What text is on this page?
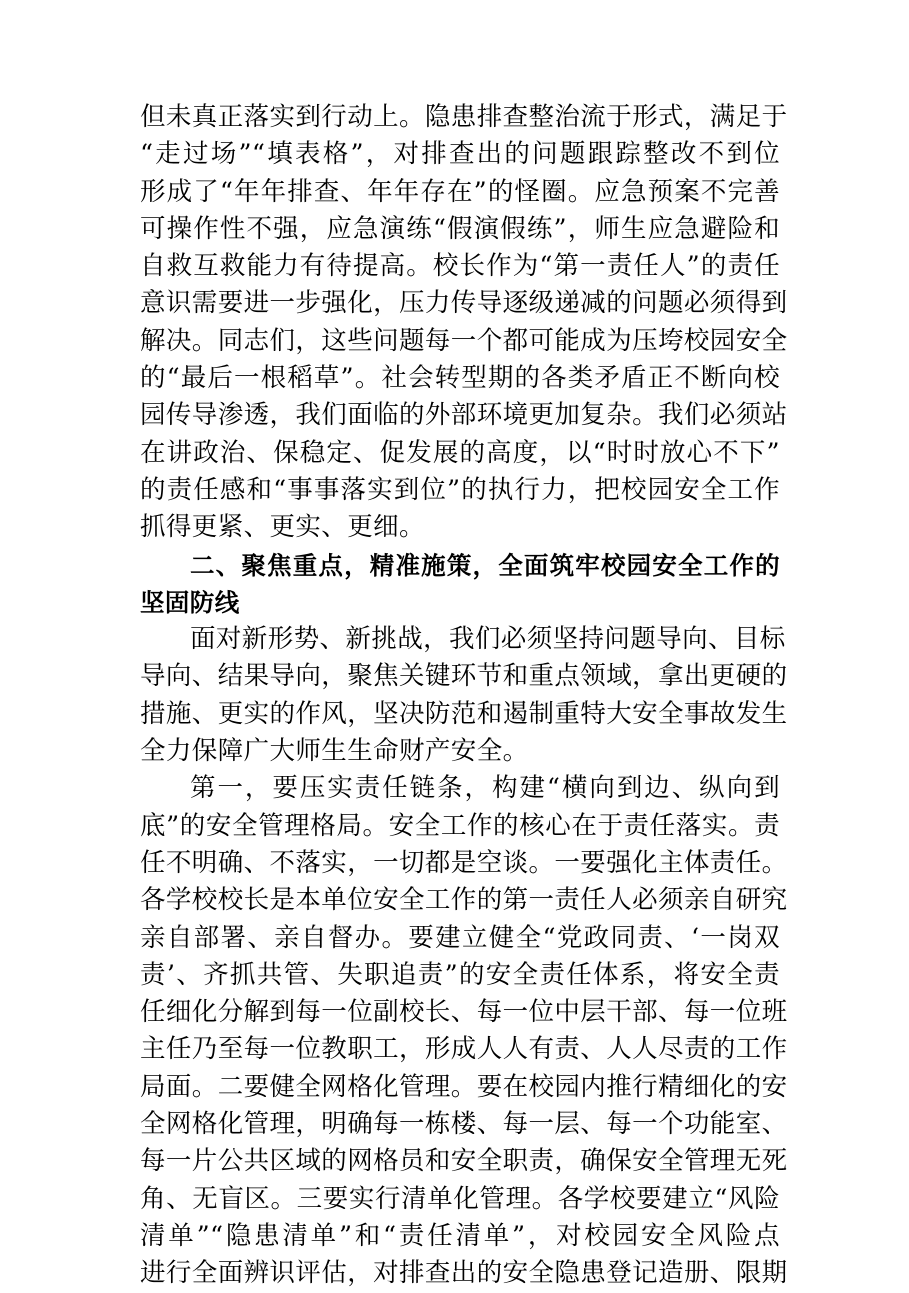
但未真正落实到行动上。隐患排查整治流于形式，满足于
“走过场”“填表格”，对排查出的问题跟踪整改不到位
形成了“年年排查、年年存在”的怪圈。应急预案不完善
可操作性不强，应急演练“假演假练”，师生应急避险和
自救互救能力有待提高。校长作为“第一责任人”的责任
意识需要进一步强化，压力传导逐级递减的问题必须得到
解决。同志们，这些问题每一个都可能成为压垮校园安全
的“最后一根稻草”。社会转型期的各类矛盾正不断向校
园传导渗透，我们面临的外部环境更加复杂。我们必须站
在讲政治、保稳定、促发展的高度，以“时时放心不下”
的责任感和“事事落实到位”的执行力，把校园安全工作
抓得更紧、更实、更细。
二、聚焦重点，精准施策，全面筑牢校园安全工作的
坚固防线
面对新形势、新挑战，我们必须坚持问题导向、目标
导向、结果导向，聚焦关键环节和重点领域，拿出更硬的
措施、更实的作风，坚决防范和遏制重特大安全事故发生
全力保障广大师生生命财产安全。
第一，要压实责任链条，构建“横向到边、纵向到
底”的安全管理格局。安全工作的核心在于责任落实。责
任不明确、不落实，一切都是空谈。一要强化主体责任。
各学校校长是本单位安全工作的第一责任人必须亲自研究
亲自部署、亲自督办。要建立健全“党政同责、‘一岗双
责’、齐抓共管、失职追责”的安全责任体系，将安全责
任细化分解到每一位副校长、每一位中层干部、每一位班
主任乃至每一位教职工，形成人人有责、人人尽责的工作
局面。二要健全网格化管理。要在校园内推行精细化的安
全网格化管理，明确每一栋楼、每一层、每一个功能室、
每一片公共区域的网格员和安全职责，确保安全管理无死
角、无盲区。三要实行清单化管理。各学校要建立“风险
清单”“隐患清单”和“责任清单”，对校园安全风险点
进行全面辨识评估，对排查出的安全隐患登记造册、限期
